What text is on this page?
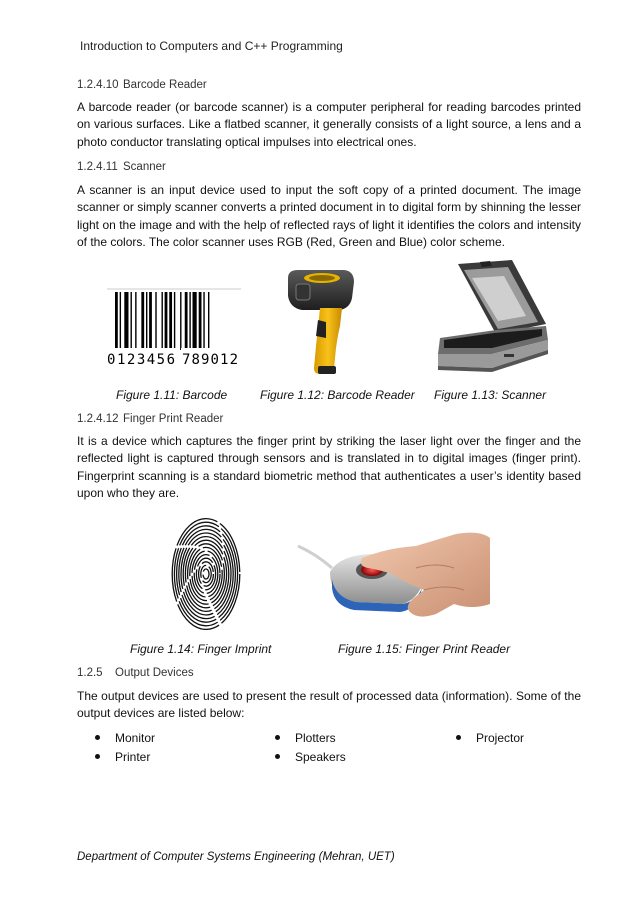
Introduction to Computers and C++ Programming
1.2.4.10 Barcode Reader

A barcode reader (or barcode scanner) is a computer peripheral for reading barcodes printed on various surfaces. Like a flatbed scanner, it generally consists of a light source, a lens and a photo conductor translating optical impulses into electrical ones.

1.2.4.11 Scanner

A scanner is an input device used to input the soft copy of a printed document. The image scanner or simply scanner converts a printed document in to digital form by shinning the lesser light on the image and with the help of reflected rays of light it identifies the colors and intensity of the colors. The color scanner uses RGB (Red, Green and Blue) color scheme.

0 123456 789012
Figure 1.11: Barcode	Figure 1.12: Barcode Reader Figure 1.13: Scanner
1.2.4.12 Finger Print Reader

It is a device which captures the finger print by striking the laser light over the finger and the reflected light is captured through sensors and is translated in to digital images (finger print). Fingerprint scanning is a standard biometric method that authenticates a user’s identity based upon who they are.

Figure 1.14: Finger Imprint	Figure 1.15: Finger Print Reader
1.2.5 Output Devices

The output devices are used to present the result of processed data (information). Some of the output devices are listed below:

Monitor
Printer
Plotters
Speakers
Projector
Department of Computer Systems Engineering (Mehran, UET)
